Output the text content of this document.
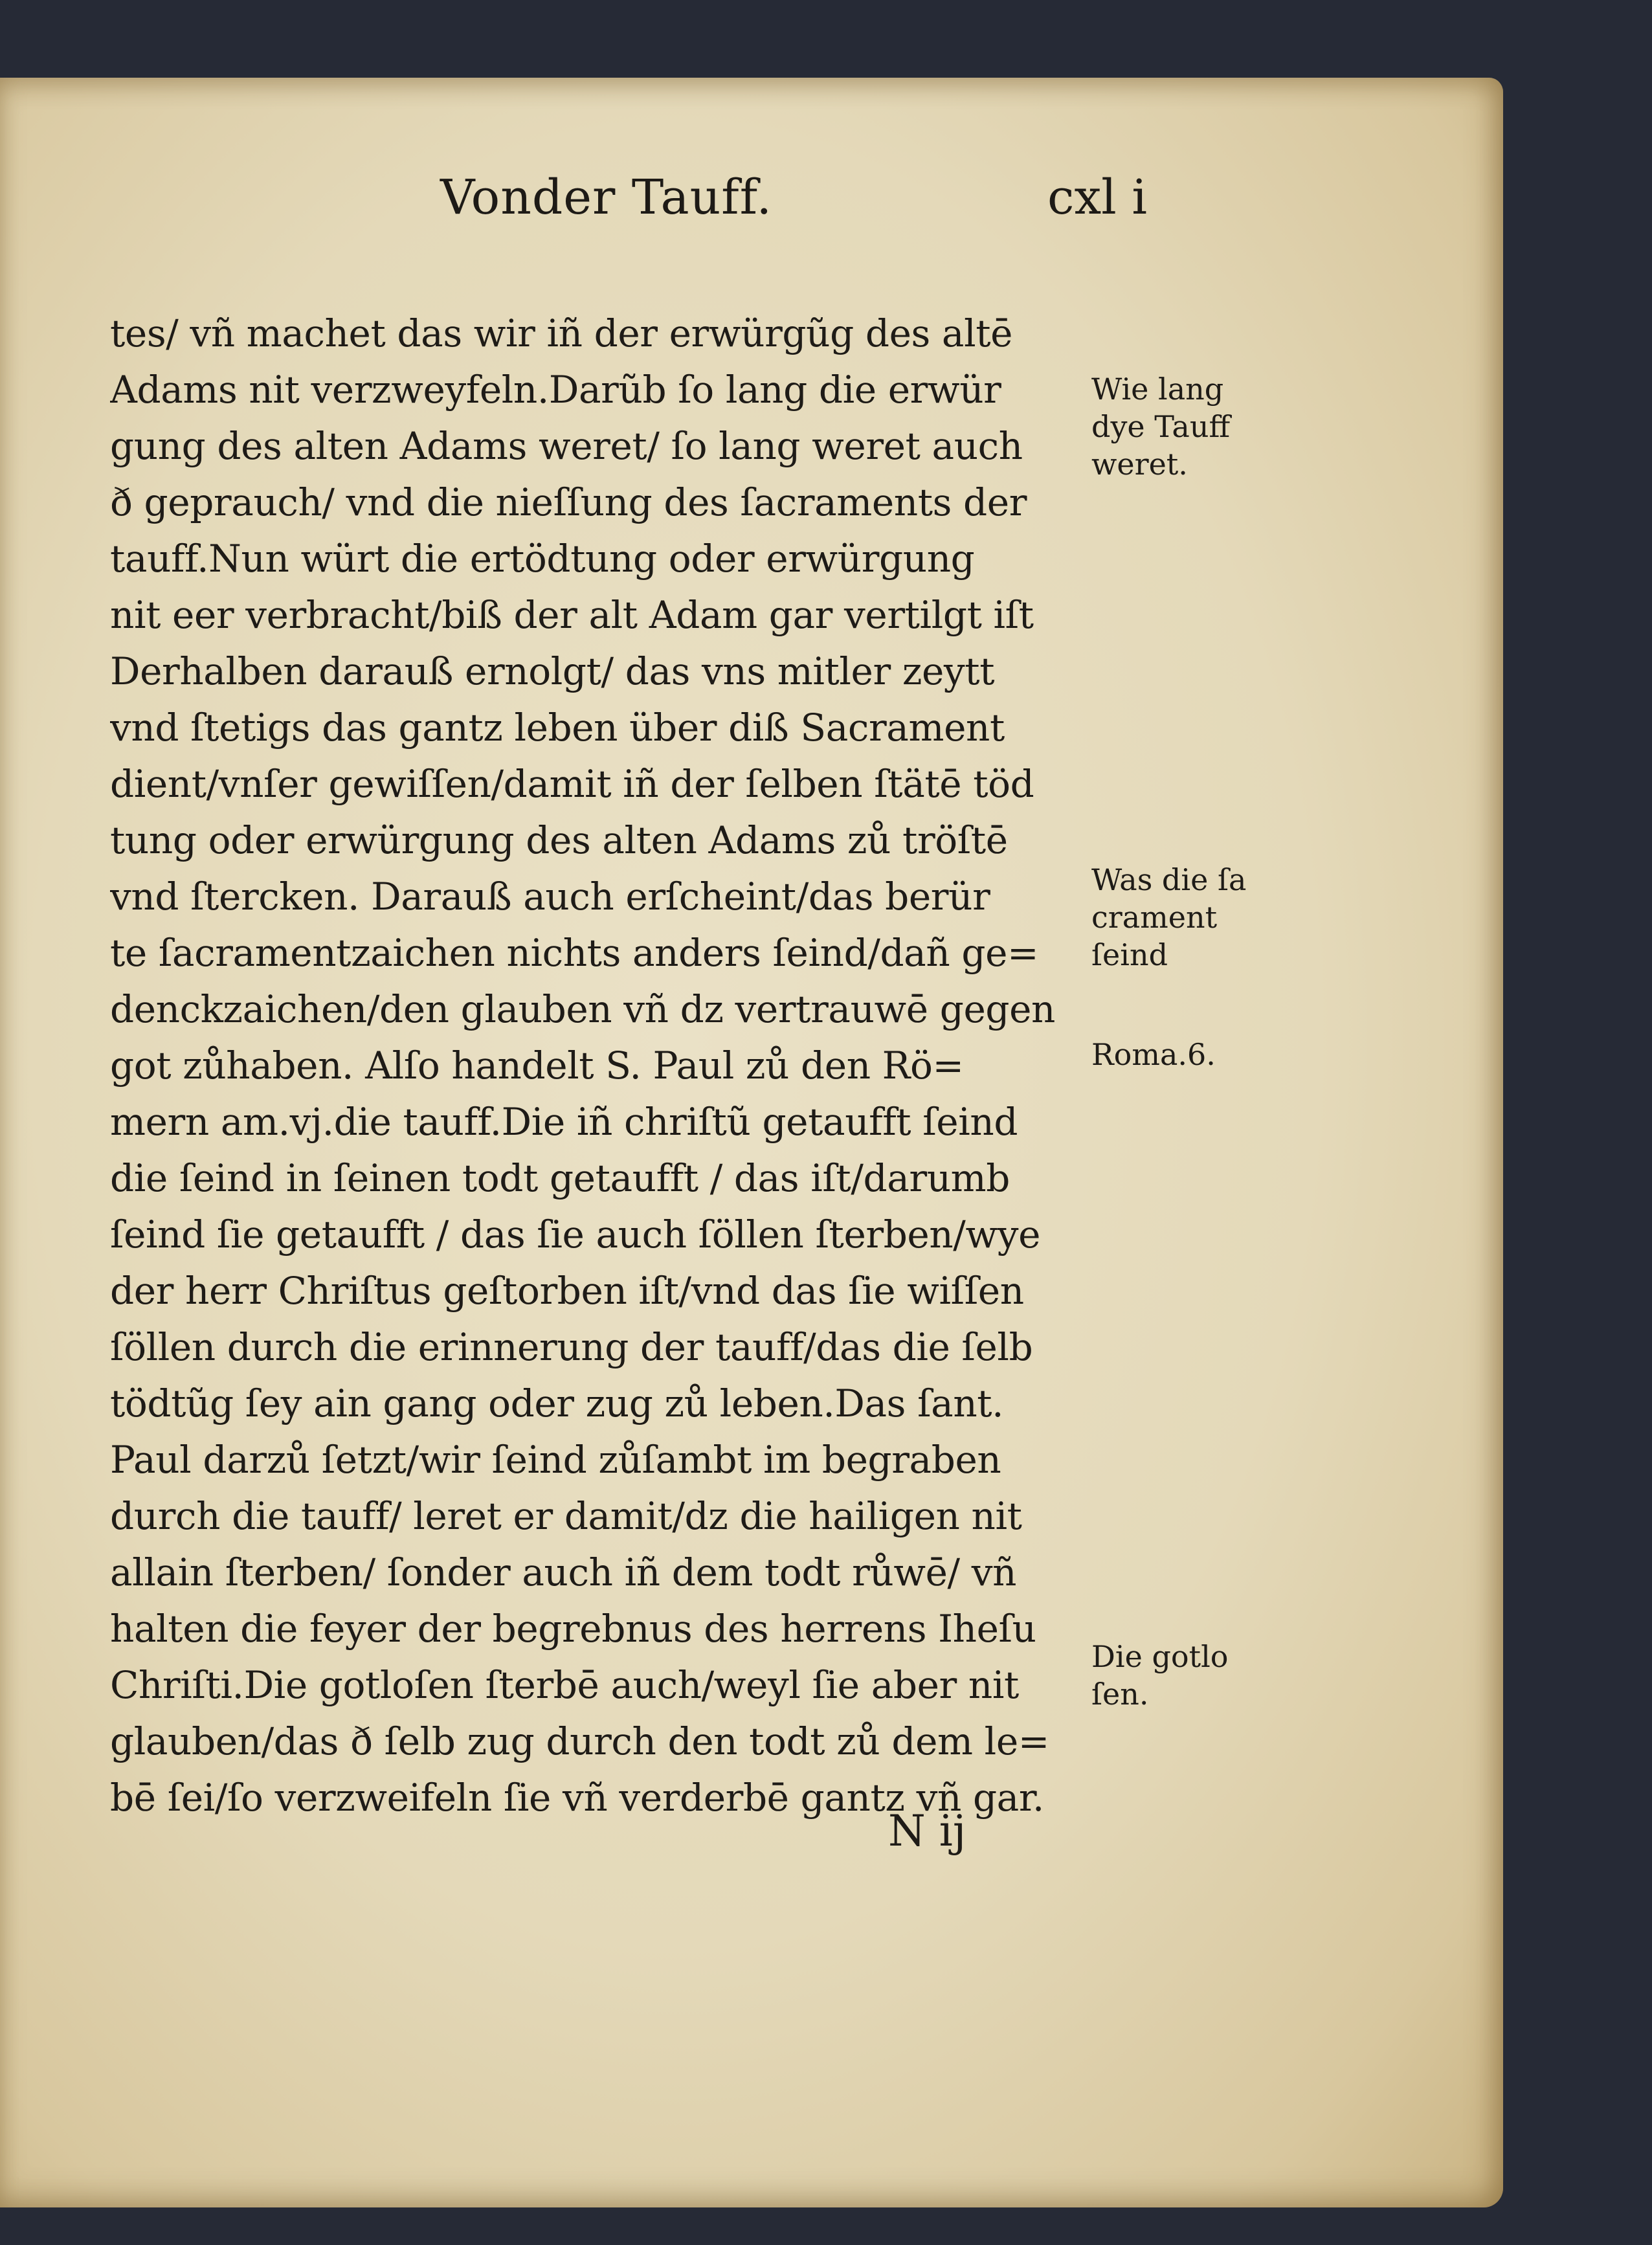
Vonder Tauff.	cxl i
tes/ vñ machet das wir iñ der erwürgũg des altē
Adams nit verzweyfeln.Darũb ſo lang die erwür
gung des alten Adams weret/ ſo lang weret auch
ð geprauch/ vnd die nieſſung des ſacraments der
tauff.Nun würt die ertödtung oder erwürgung
nit eer verbracht/biß der alt Adam gar vertilgt iſt
Derhalben darauß ernolgt/ das vns mitler zeytt
vnd ſtetigs das gantz leben über diß Sacrament
dient/vnſer gewiſſen/damit iñ der ſelben ſtätē töd
tung oder erwürgung des alten Adams zů tröſtē
vnd ſtercken. Darauß auch erſcheint/das berür
te ſacramentzaichen nichts anders ſeind/dañ ge=
denckzaichen/den glauben vñ dz vertrauwē gegen
got zůhaben. Alſo handelt S. Paul zů den Rö=
mern am.vj.die tauff.Die iñ chriſtũ getaufft ſeind
die ſeind in ſeinen todt getaufft / das iſt/darumb
ſeind ſie getaufft / das ſie auch ſöllen ſterben/wye
der herr Chriſtus geſtorben iſt/vnd das ſie wiſſen
ſöllen durch die erinnerung der tauff/das die ſelb
tödtũg ſey ain gang oder zug zů leben.Das ſant.
Paul darzů ſetzt/wir ſeind zůſambt im begraben
durch die tauff/ leret er damit/dz die hailigen nit
allain ſterben/ ſonder auch iñ dem todt růwē/ vñ
halten die feyer der begrebnus des herrens Iheſu
Chriſti.Die gotloſen ſterbē auch/weyl ſie aber nit
glauben/das ð ſelb zug durch den todt zů dem le=
bē ſei/ſo verzweifeln ſie vñ verderbē gantz vñ gar.
Wie lang
dye Tauff
weret.
Was die ſa
crament
ſeind
Roma.6.
Die gotlo
ſen.
N ij
